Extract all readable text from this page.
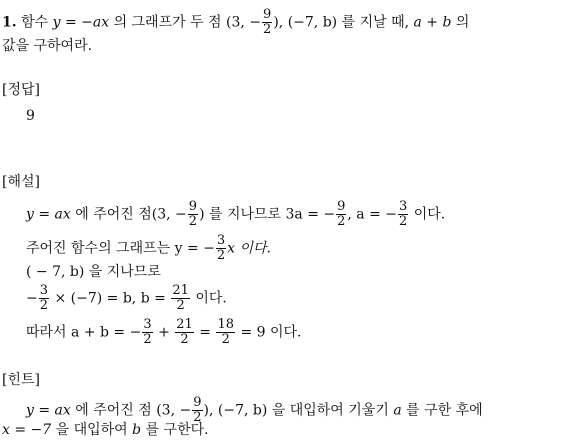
1. 함수 y = −ax 의 그래프가 두 점 (3, − $\frac{9}{2}$ ), (−7, b) 를 지날 때, a + b 의
값을 구하여라.
[정답]
9
[해설]
y = ax 에 주어진 점(3, − $\frac{9}{2}$ ) 를 지나므로 3a = − $\frac{9}{2}$ , a = − $\frac{3}{2}$ 이다.
주어진 함수의 그래프는 y = − $\frac{3}{2}$ x 이다.
( − 7, b) 을 지나므로
− $\frac{3}{2} \times (-7) = b$, $b = \frac{21}{2}$ 이다.
따라서 a + b = − $\frac{3}{2} + \frac{21}{2} = \frac{18}{2} = 9$ 이다.
[힌트]
y = ax 에 주어진 점 (3, − $\frac{9}{2}$ ), (−7, b) 을 대입하여 기울기 a 를 구한 후에
x = −7 을 대입하여 b 를 구한다.
